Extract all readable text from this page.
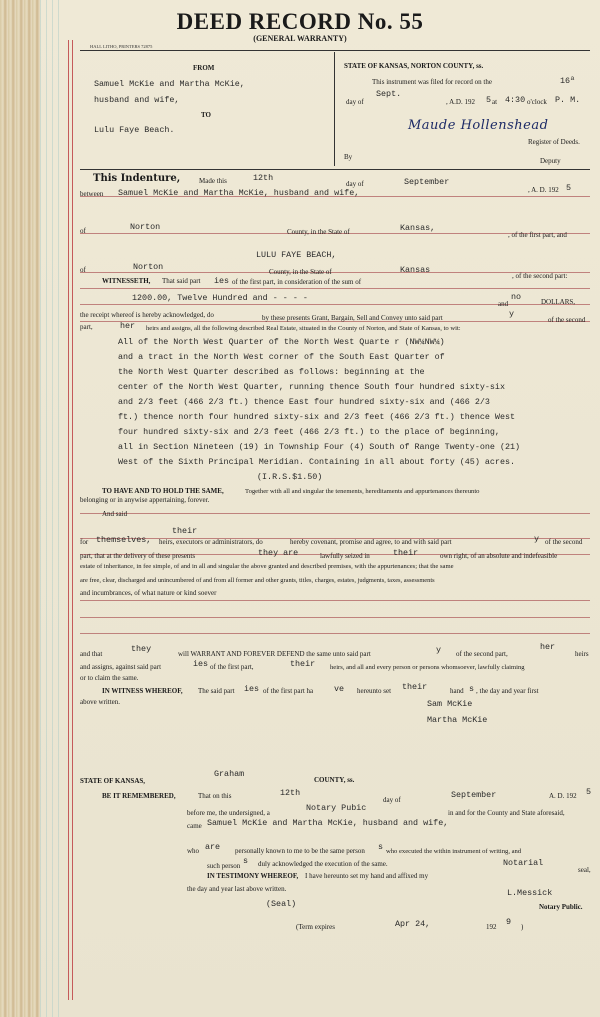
DEED RECORD No. 55
(GENERAL WARRANTY)
HALL LITHO, PRINTERS 72875
FROM
Samuel McKie and Martha McKie,
husband and wife,
TO
Lulu Faye Beach.
STATE OF KANSAS, NORTON COUNTY, ss.
This instrument was filed for record on the	16ª
day of
Sept.
, A.D. 192 5 at 4:30 o'clock P. M.
Maude Hollenshead
Register of Deeds.
By	Deputy
This Indenture,	Made this	12th
day of	September
, A. D. 192 5
between Samuel McKie and Martha McKie, husband and wife,
of	Norton	County, in the State of	Kansas,
, of the first part, and
LULU FAYE BEACH,
of	Norton	County, in the State of	Kansas
, of the second part:
WITNESSETH, That said part ies of the first part, in consideration of the sum of
1200.00, Twelve Hundred and - - - -
and
no	DOLLARS,
the receipt whereof is hereby acknowledged, do	by these presents Grant, Bargain, Sell and Convey unto said part	y
of the second
part,	her heirs and assigns, all the following described Real Estate, situated in the County of Norton, and State of Kansas, to wit:
All of the North West Quarter of the North West Quarte r (NW¼NW¼)
and a tract in the North West corner of the South East Quarter of
the North West Quarter described as follows: beginning at the
center of the North West Quarter, running thence South four hundred sixty-six
and 2/3 feet (466 2/3 ft.) thence East four hundred sixty-six and (466 2/3
ft.) thence north four hundred sixty-six and 2/3 feet (466 2/3 ft.) thence West
four hundred sixty-six and 2/3 feet (466 2/3 ft.) to the place of beginning,
all in Section Nineteen (19) in Township Four (4) South of Range Twenty-one (21)
West of the Sixth Principal Meridian. Containing in all about forty (45) acres.
(I.R.S.$1.50)
TO HAVE AND TO HOLD THE SAME,	Together with all and singular the tenements, hereditaments and appurtenances thereunto
belonging or in anywise appertaining, forever.
And said
their
for themselves, heirs, executors or administrators, do	hereby covenant, promise and agree, to and with said part	y of the second
part, that at the delivery of these presents	they are	lawfully seized in	their	own right, of an absolute and indefeasible
estate of inheritance, in fee simple, of and in all and singular the above granted and described premises, with the appurtenances; that the same
are free, clear, discharged and unincumbered of and from all former and other grants, titles, charges, estates, judgments, taxes, assessments
and incumbrances, of what nature or kind soever
and that	they	will WARRANT AND FOREVER DEFEND the same unto said part	y of the second part,
her
heirs
and assigns, against said part	ies of the first part,	their heirs, and all and every person or persons whomsoever, lawfully claiming
or to claim the same.
IN WITNESS WHEREOF, The said part ies of the first part ha ve hereunto set their	hand s , the day and year first
above written.	Sam McKie
Martha McKie
STATE OF KANSAS,
Graham
COUNTY, ss.
BE IT REMEMBERED,	That on this	12th
day of	September	A. D. 192 5
before me, the undersigned, a	Notary Pubic	in and for the County and State aforesaid,
came Samuel McKie and Martha McKie, husband and wife,
who are personally known to me to be the same person s who executed the within instrument of writing, and
such person s duly acknowledged the execution of the same.
IN TESTIMONY WHEREOF, I have hereunto set my hand and affixed my
Notarial
seal,
the day and year last above written.
(Seal)
L.Messick
Notary Public.
(Term expires	Apr 24,	192 9 )
